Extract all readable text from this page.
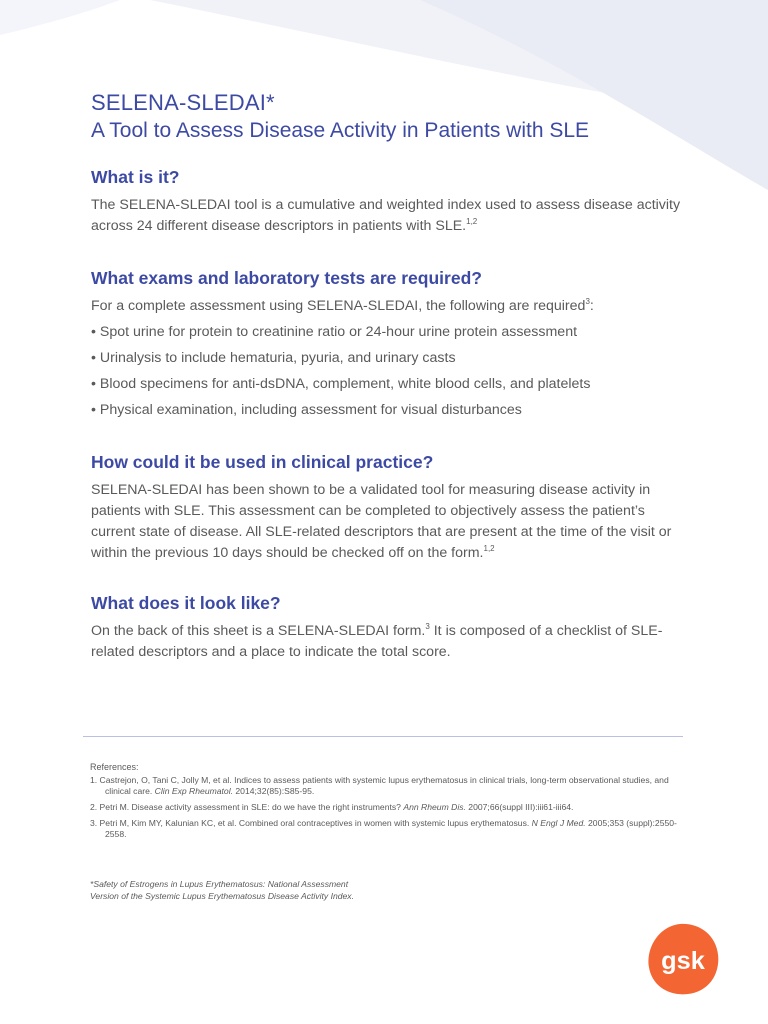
SELENA-SLEDAI*
A Tool to Assess Disease Activity in Patients with SLE
What is it?

The SELENA-SLEDAI tool is a cumulative and weighted index used to assess disease activity across 24 different disease descriptors in patients with SLE.$^{1,2}$

What exams and laboratory tests are required?

For a complete assessment using SELENA-SLEDAI, the following are required$^3$:

• Spot urine for protein to creatinine ratio or 24-hour urine protein assessment
• Urinalysis to include hematuria, pyuria, and urinary casts
• Blood specimens for anti-dsDNA, complement, white blood cells, and platelets
• Physical examination, including assessment for visual disturbances
How could it be used in clinical practice?

SELENA-SLEDAI has been shown to be a validated tool for measuring disease activity in patients with SLE. This assessment can be completed to objectively assess the patient’s current state of disease. All SLE-related descriptors that are present at the time of the visit or within the previous 10 days should be checked off on the form.$^{1,2}$

What does it look like?

On the back of this sheet is a SELENA-SLEDAI form.$^3$ It is composed of a checklist of SLE-related descriptors and a place to indicate the total score.

References:

1. Castrejon, O, Tani C, Jolly M, et al. Indices to assess patients with systemic lupus erythematosus in clinical trials, long-term observational studies, and clinical care. Clin Exp Rheumatol. 2014;32(85):S85-95.
2. Petri M. Disease activity assessment in SLE: do we have the right instruments? Ann Rheum Dis. 2007;66(suppl III):iii61-iii64.
3. Petri M, Kim MY, Kalunian KC, et al. Combined oral contraceptives in women with systemic lupus erythematosus. N Engl J Med. 2005;353 (suppl):2550-2558.
*Safety of Estrogens in Lupus Erythematosus: National Assessment
Version of the Systemic Lupus Erythematosus Disease Activity Index.
gsk
